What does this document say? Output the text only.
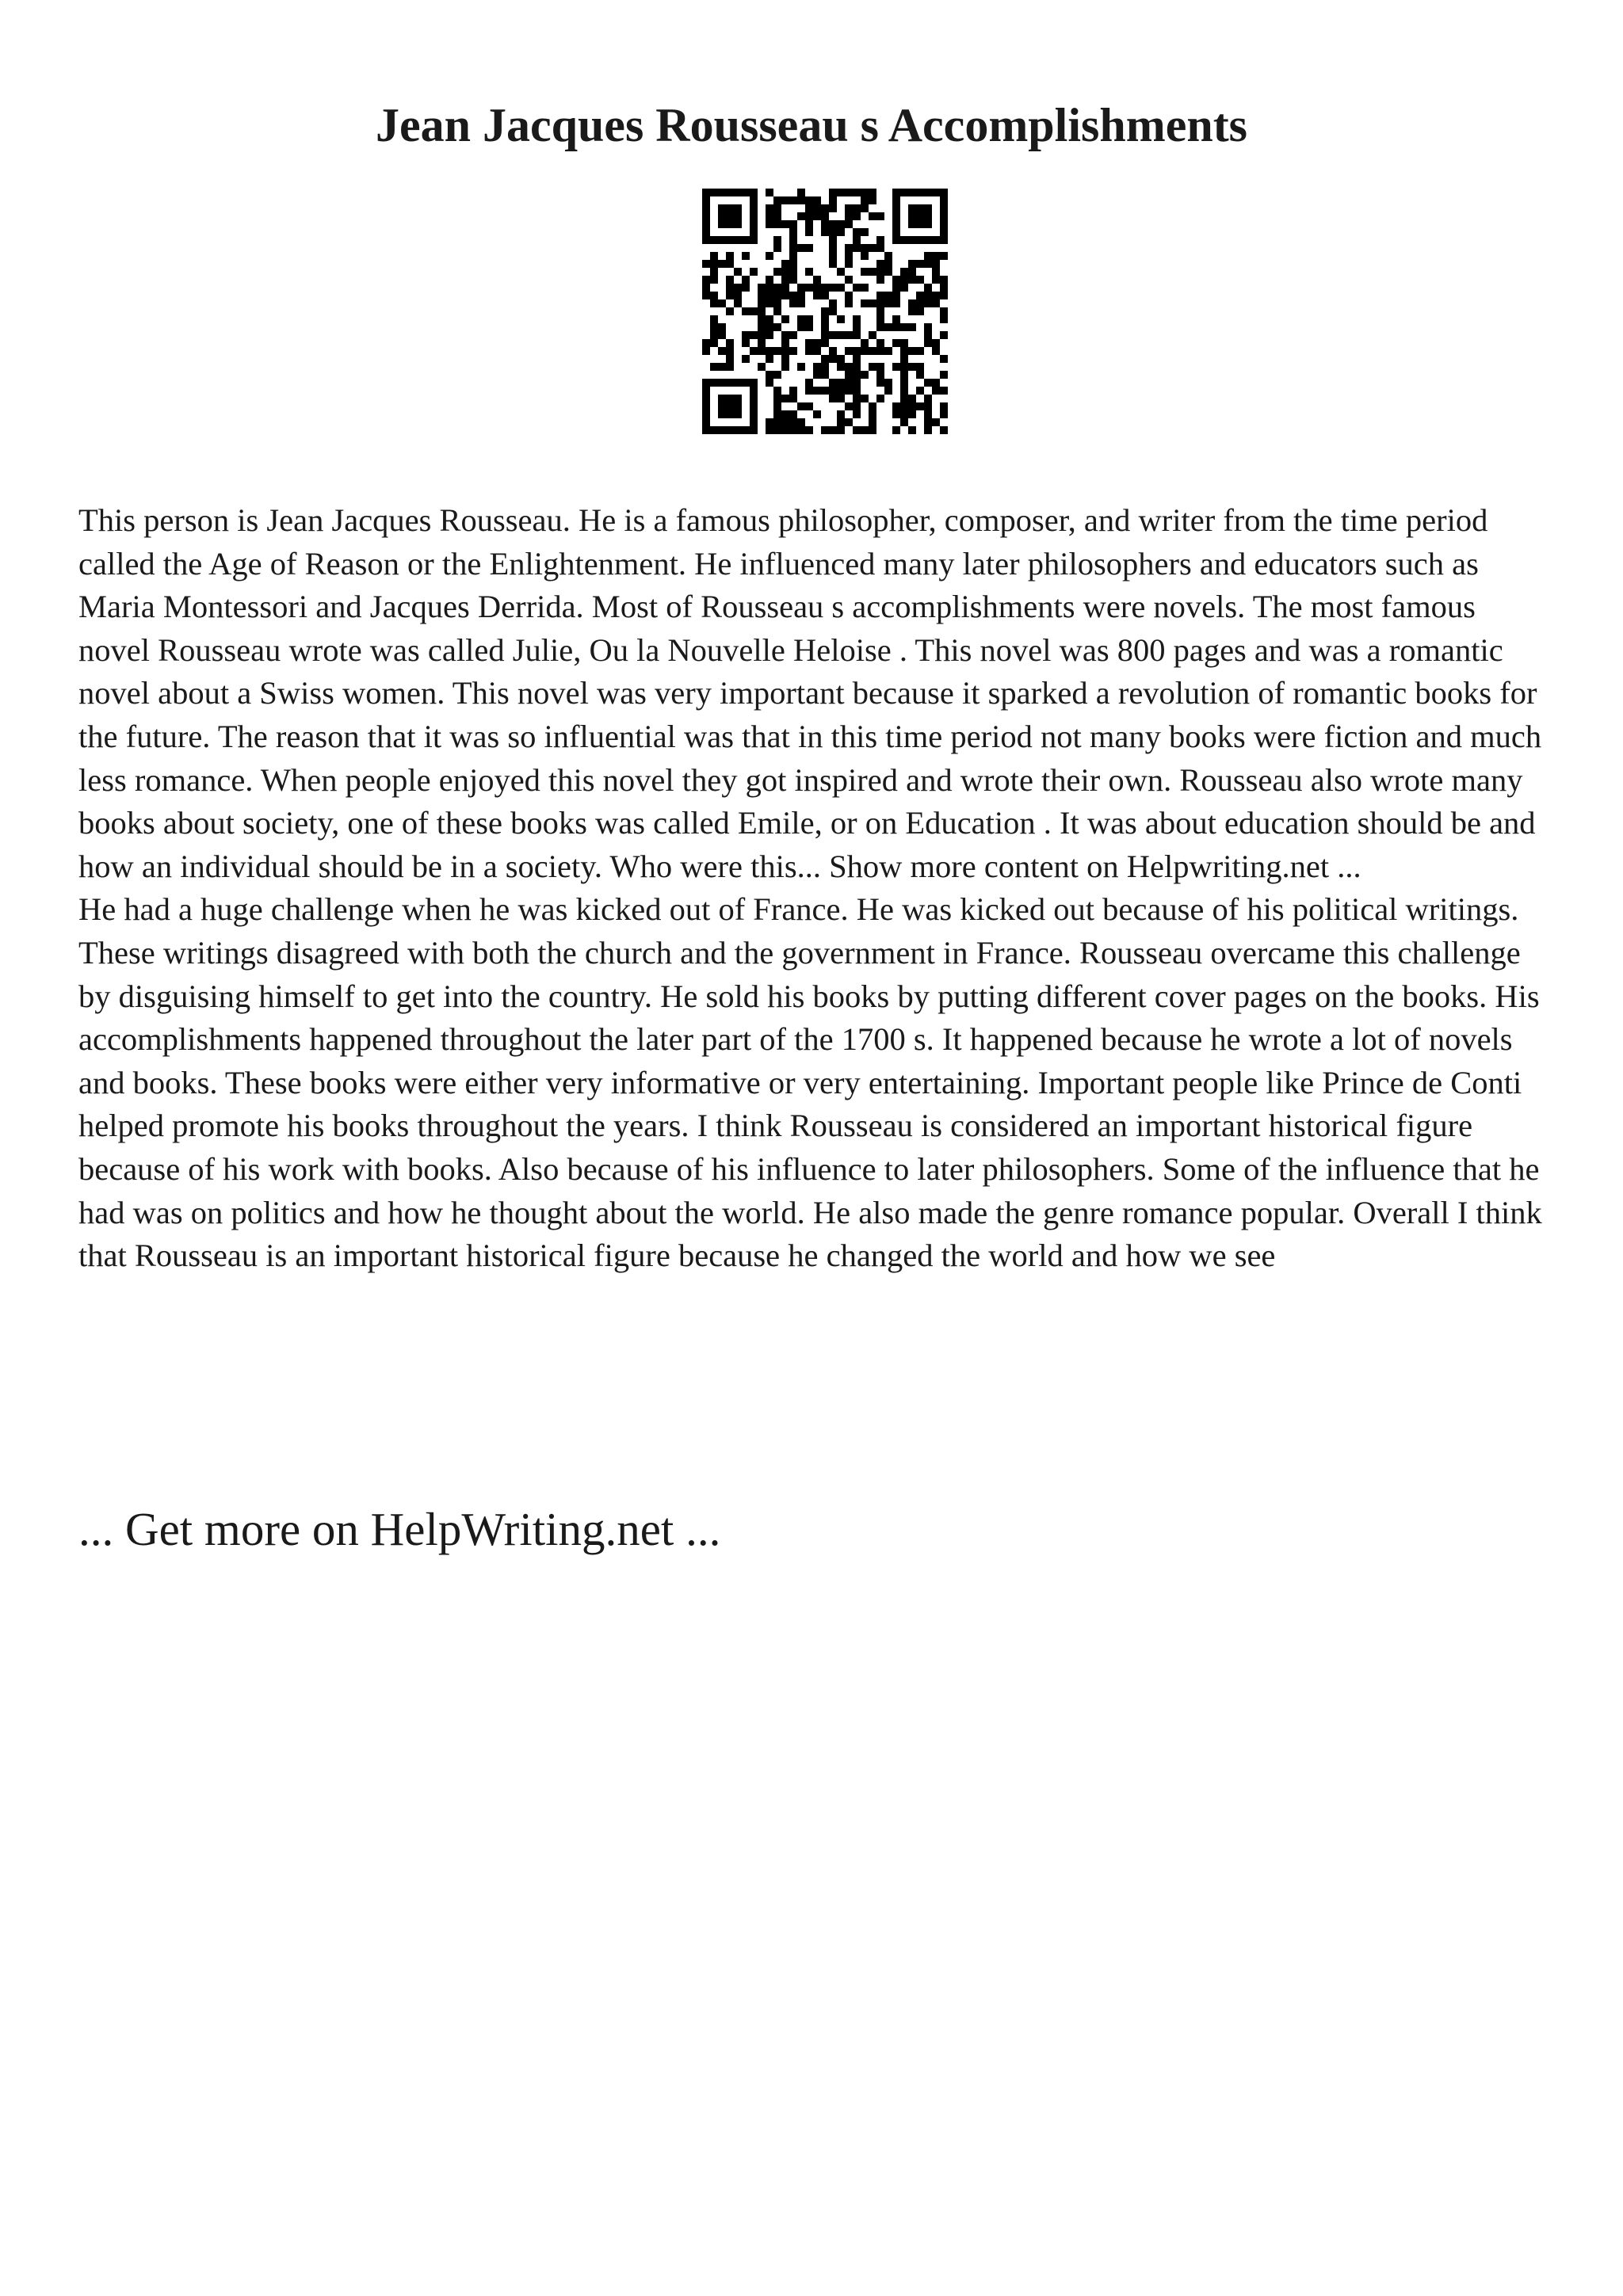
Jean Jacques Rousseau s Accomplishments

This person is Jean Jacques Rousseau. He is a famous philosopher, composer, and writer from the time period called the Age of Reason or the Enlightenment. He influenced many later philosophers and educators such as Maria Montessori and Jacques Derrida. Most of Rousseau s accomplishments were novels. The most famous novel Rousseau wrote was called Julie, Ou la Nouvelle Heloise . This novel was 800 pages and was a romantic novel about a Swiss women. This novel was very important because it sparked a revolution of romantic books for the future. The reason that it was so influential was that in this time period not many books were fiction and much less romance. When people enjoyed this novel they got inspired and wrote their own. Rousseau also wrote many books about society, one of these books was called Emile, or on Education . It was about education should be and how an individual should be in a society. Who were this... Show more content on Helpwriting.net ...

He had a huge challenge when he was kicked out of France. He was kicked out because of his political writings. These writings disagreed with both the church and the government in France. Rousseau overcame this challenge by disguising himself to get into the country. He sold his books by putting different cover pages on the books. His accomplishments happened throughout the later part of the 1700 s. It happened because he wrote a lot of novels and books. These books were either very informative or very entertaining. Important people like Prince de Conti helped promote his books throughout the years. I think Rousseau is considered an important historical figure because of his work with books. Also because of his influence to later philosophers. Some of the influence that he had was on politics and how he thought about the world. He also made the genre romance popular. Overall I think that Rousseau is an important historical figure because he changed the world and how we see

... Get more on HelpWriting.net ...
